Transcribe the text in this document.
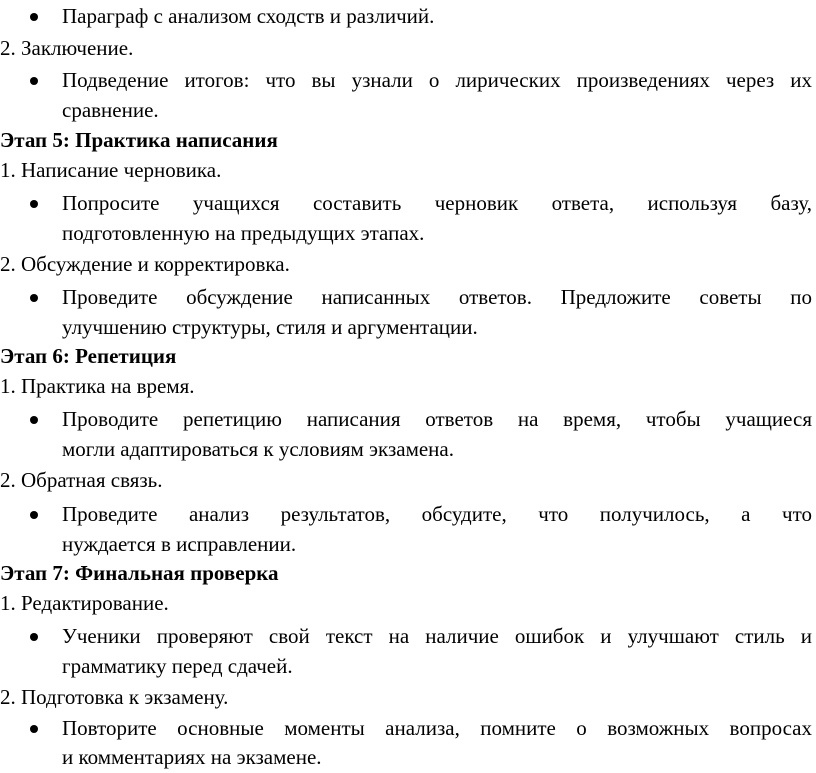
Параграф с анализом сходств и различий.
2. Заключение.
Подведение итогов: что вы узнали о лирических произведениях через их
сравнение.
Этап 5: Практика написания
1. Написание черновика.
Попросите учащихся составить черновик ответа, используя базу,
подготовленную на предыдущих этапах.
2. Обсуждение и корректировка.
Проведите обсуждение написанных ответов. Предложите советы по
улучшению структуры, стиля и аргументации.
Этап 6: Репетиция
1. Практика на время.
Проводите репетицию написания ответов на время, чтобы учащиеся
могли адаптироваться к условиям экзамена.
2. Обратная связь.
Проведите анализ результатов, обсудите, что получилось, а что
нуждается в исправлении.
Этап 7: Финальная проверка
1. Редактирование.
Ученики проверяют свой текст на наличие ошибок и улучшают стиль и
грамматику перед сдачей.
2. Подготовка к экзамену.
Повторите основные моменты анализа, помните о возможных вопросах
и комментариях на экзамене.
